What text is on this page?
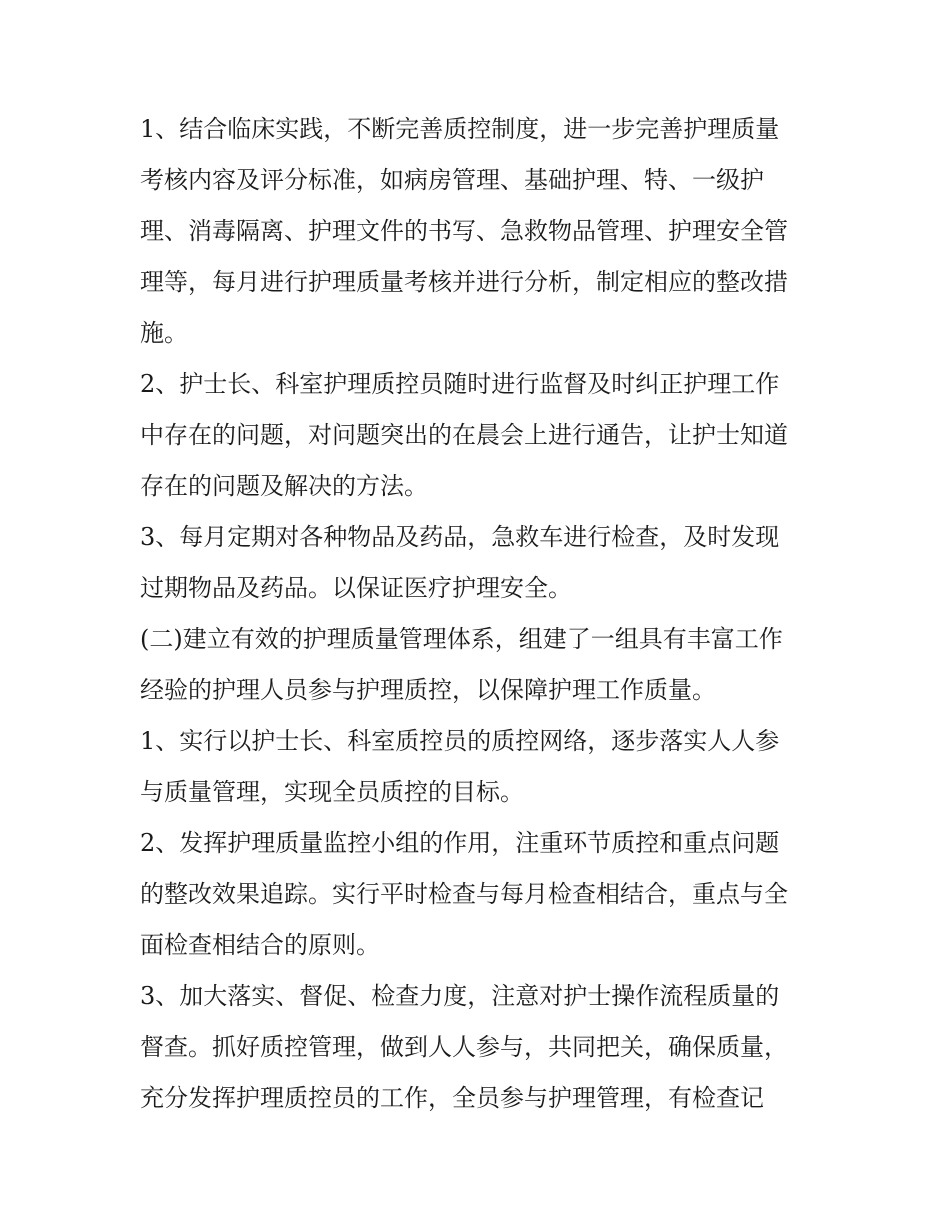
1、结合临床实践，不断完善质控制度，进一步完善护理质量
考核内容及评分标准，如病房管理、基础护理、特、一级护
理、消毒隔离、护理文件的书写、急救物品管理、护理安全管
理等，每月进行护理质量考核并进行分析，制定相应的整改措
施。
2、护士长、科室护理质控员随时进行监督及时纠正护理工作
中存在的问题，对问题突出的在晨会上进行通告，让护士知道
存在的问题及解决的方法。
3、每月定期对各种物品及药品，急救车进行检查，及时发现
过期物品及药品。以保证医疗护理安全。
(二)建立有效的护理质量管理体系，组建了一组具有丰富工作
经验的护理人员参与护理质控，以保障护理工作质量。
1、实行以护士长、科室质控员的质控网络，逐步落实人人参
与质量管理，实现全员质控的目标。
2、发挥护理质量监控小组的作用，注重环节质控和重点问题
的整改效果追踪。实行平时检查与每月检查相结合，重点与全
面检查相结合的原则。
3、加大落实、督促、检查力度，注意对护士操作流程质量的
督查。抓好质控管理，做到人人参与，共同把关，确保质量，
充分发挥护理质控员的工作，全员参与护理管理，有检查记
